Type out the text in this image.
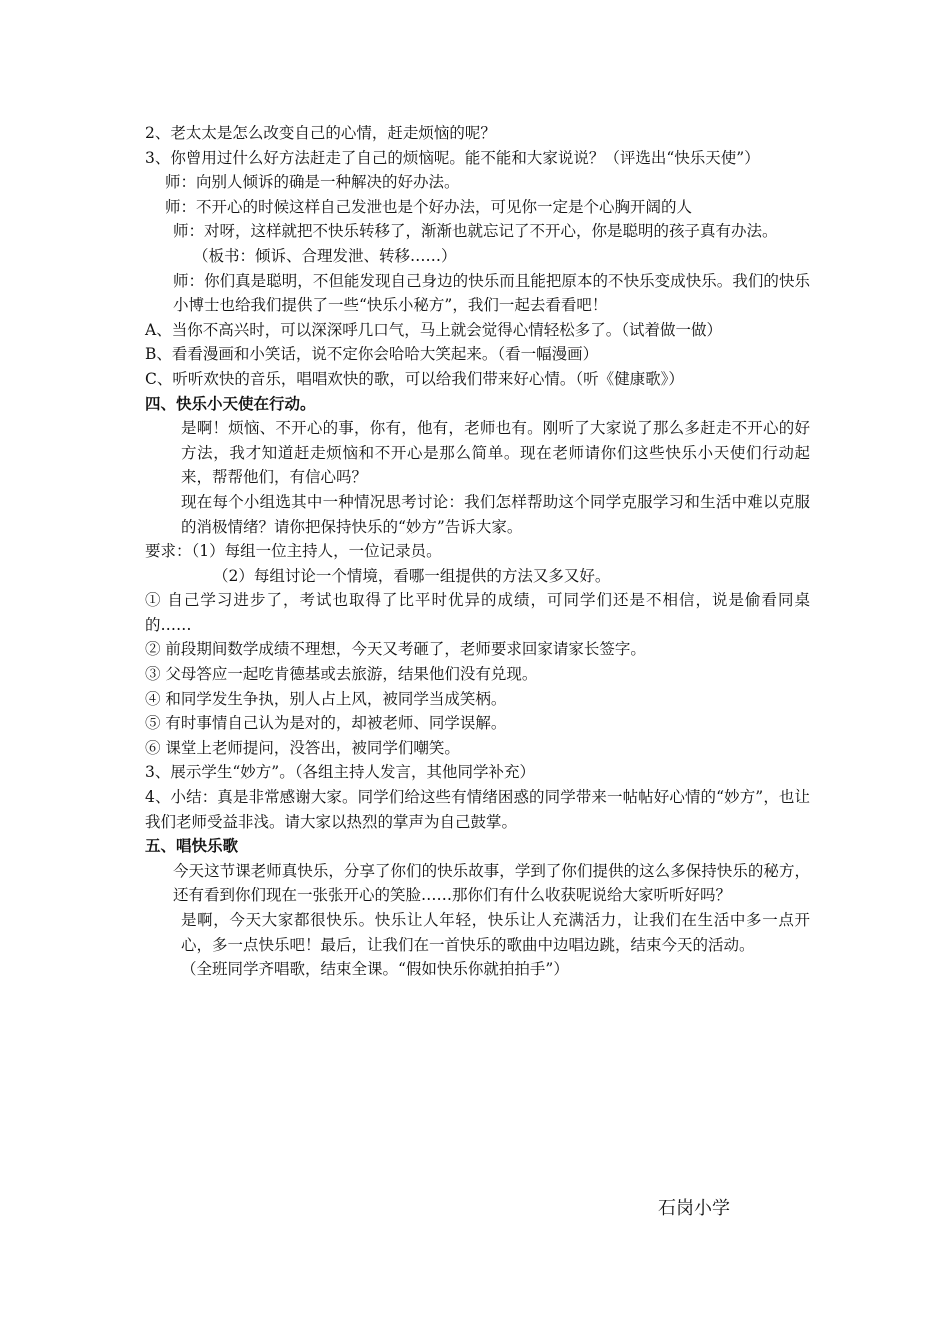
2、老太太是怎么改变自己的心情，赶走烦恼的呢？

3、你曾用过什么好方法赶走了自己的烦恼呢。能不能和大家说说？（评选出“快乐天使”）

师：向别人倾诉的确是一种解决的好办法。

师：不开心的时候这样自己发泄也是个好办法，可见你一定是个心胸开阔的人

师：对呀，这样就把不快乐转移了，渐渐也就忘记了不开心，你是聪明的孩子真有办法。

（板书：倾诉、合理发泄、转移……）

师：你们真是聪明，不但能发现自己身边的快乐而且能把原本的不快乐变成快乐。我们的快乐小博士也给我们提供了一些“快乐小秘方”，我们一起去看看吧！

A、当你不高兴时，可以深深呼几口气，马上就会觉得心情轻松多了。（试着做一做）

B、看看漫画和小笑话，说不定你会哈哈大笑起来。（看一幅漫画）

C、听听欢快的音乐，唱唱欢快的歌，可以给我们带来好心情。（听《健康歌》）

四、快乐小天使在行动。

是啊！烦恼、不开心的事，你有，他有，老师也有。刚听了大家说了那么多赶走不开心的好方法，我才知道赶走烦恼和不开心是那么简单。现在老师请你们这些快乐小天使们行动起来，帮帮他们，有信心吗？

现在每个小组选其中一种情况思考讨论：我们怎样帮助这个同学克服学习和生活中难以克服的消极情绪？请你把保持快乐的“妙方”告诉大家。

要求：（1）每组一位主持人，一位记录员。

（2）每组讨论一个情境，看哪一组提供的方法又多又好。

① 自己学习进步了，考试也取得了比平时优异的成绩，可同学们还是不相信，说是偷看同桌的……

② 前段期间数学成绩不理想，今天又考砸了，老师要求回家请家长签字。

③ 父母答应一起吃肯德基或去旅游，结果他们没有兑现。

④ 和同学发生争执，别人占上风，被同学当成笑柄。

⑤ 有时事情自己认为是对的，却被老师、同学误解。

⑥ 课堂上老师提问，没答出，被同学们嘲笑。

3、展示学生“妙方”。（各组主持人发言，其他同学补充）

4、小结：真是非常感谢大家。同学们给这些有情绪困惑的同学带来一帖帖好心情的“妙方”，也让我们老师受益非浅。请大家以热烈的掌声为自己鼓掌。

五、唱快乐歌

今天这节课老师真快乐，分享了你们的快乐故事，学到了你们提供的这么多保持快乐的秘方，还有看到你们现在一张张开心的笑脸……那你们有什么收获呢说给大家听听好吗？

是啊，今天大家都很快乐。快乐让人年轻，快乐让人充满活力，让我们在生活中多一点开心，多一点快乐吧！最后，让我们在一首快乐的歌曲中边唱边跳，结束今天的活动。

（全班同学齐唱歌，结束全课。“假如快乐你就拍拍手”）

石岗小学
